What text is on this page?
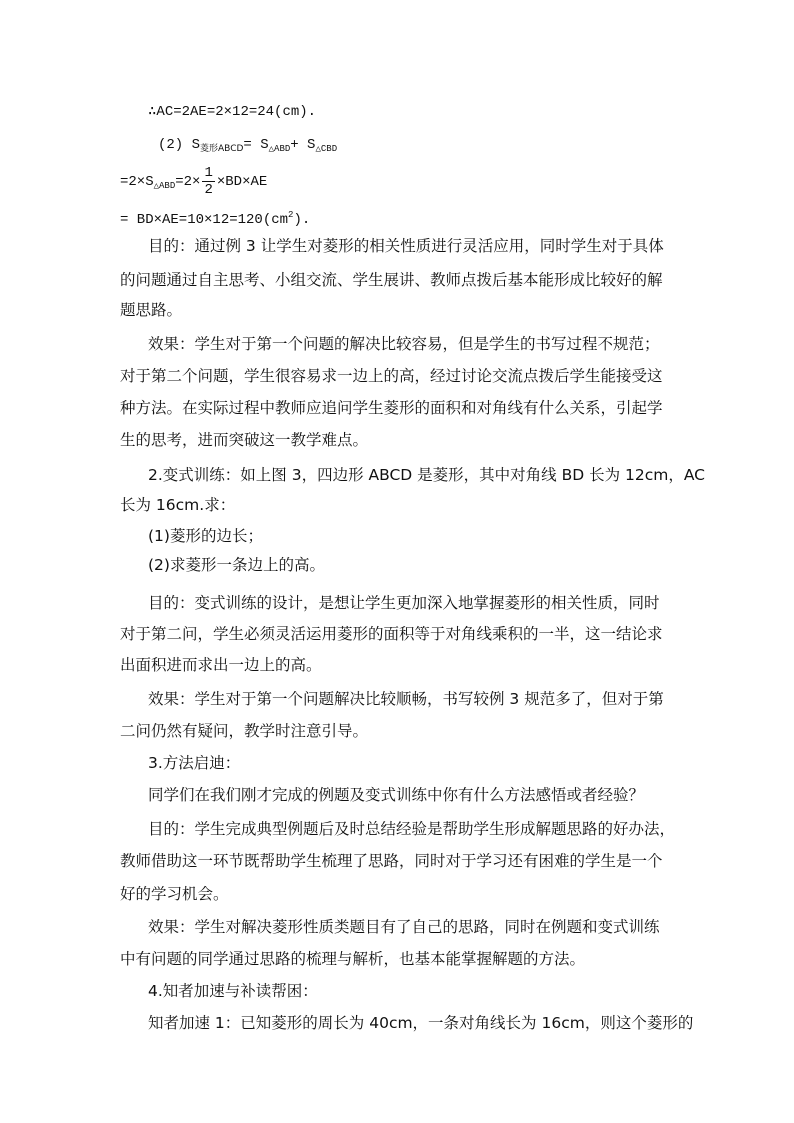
∴AC=2AE=2×12=24(cm).
(2) $S_{菱形ABCD}= S_{\triangle ABD}+ S_{\triangle CBD}$
$=2\times S_{\triangle ABD}=2\times \frac{1}{2} \times BD\times AE$
= $BD\times AE=10\times 12=120(cm^2)$.
目的：通过例 3 让学生对菱形的相关性质进行灵活应用，同时学生对于具体
的问题通过自主思考、小组交流、学生展讲、教师点拨后基本能形成比较好的解
题思路。
效果：学生对于第一个问题的解决比较容易，但是学生的书写过程不规范；
对于第二个问题，学生很容易求一边上的高，经过讨论交流点拨后学生能接受这
种方法。在实际过程中教师应追问学生菱形的面积和对角线有什么关系，引起学
生的思考，进而突破这一教学难点。
2.变式训练：如上图 3，四边形 ABCD 是菱形，其中对角线 BD 长为 12cm，AC
长为 16cm.求：
(1)菱形的边长；
(2)求菱形一条边上的高。
目的：变式训练的设计，是想让学生更加深入地掌握菱形的相关性质，同时
对于第二问，学生必须灵活运用菱形的面积等于对角线乘积的一半，这一结论求
出面积进而求出一边上的高。
效果：学生对于第一个问题解决比较顺畅，书写较例 3 规范多了，但对于第
二问仍然有疑问，教学时注意引导。
3.方法启迪：
同学们在我们刚才完成的例题及变式训练中你有什么方法感悟或者经验？
目的：学生完成典型例题后及时总结经验是帮助学生形成解题思路的好办法，
教师借助这一环节既帮助学生梳理了思路，同时对于学习还有困难的学生是一个
好的学习机会。
效果：学生对解决菱形性质类题目有了自己的思路，同时在例题和变式训练
中有问题的同学通过思路的梳理与解析，也基本能掌握解题的方法。
4.知者加速与补读帮困：
知者加速 1：已知菱形的周长为 40cm，一条对角线长为 16cm，则这个菱形的
